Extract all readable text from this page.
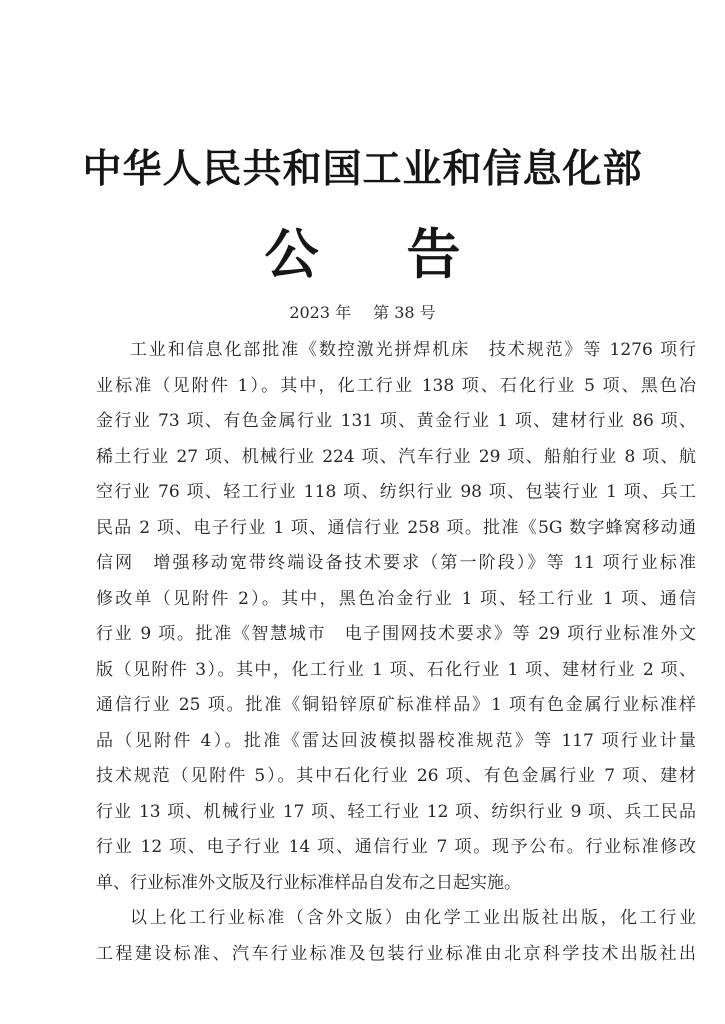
中华人民共和国工业和信息化部
公告
2023 年 第 38 号
工业和信息化部批准《数控激光拼焊机床　技术规范》等 1276 项行
业标准（见附件 1）。其中，化工行业 138 项、石化行业 5 项、黑色冶
金行业 73 项、有色金属行业 131 项、黄金行业 1 项、建材行业 86 项、
稀土行业 27 项、机械行业 224 项、汽车行业 29 项、船舶行业 8 项、航
空行业 76 项、轻工行业 118 项、纺织行业 98 项、包装行业 1 项、兵工
民品 2 项、电子行业 1 项、通信行业 258 项。批准《5G 数字蜂窝移动通
信网　增强移动宽带终端设备技术要求（第一阶段）》等 11 项行业标准
修改单（见附件 2）。其中，黑色冶金行业 1 项、轻工行业 1 项、通信
行业 9 项。批准《智慧城市　电子围网技术要求》等 29 项行业标准外文
版（见附件 3）。其中，化工行业 1 项、石化行业 1 项、建材行业 2 项、
通信行业 25 项。批准《铜铅锌原矿标准样品》1 项有色金属行业标准样
品（见附件 4）。批准《雷达回波模拟器校准规范》等 117 项行业计量
技术规范（见附件 5）。其中石化行业 26 项、有色金属行业 7 项、建材
行业 13 项、机械行业 17 项、轻工行业 12 项、纺织行业 9 项、兵工民品
行业 12 项、电子行业 14 项、通信行业 7 项。现予公布。行业标准修改
单、行业标准外文版及行业标准样品自发布之日起实施。
以上化工行业标准（含外文版）由化学工业出版社出版，化工行业
工程建设标准、汽车行业标准及包装行业标准由北京科学技术出版社出
